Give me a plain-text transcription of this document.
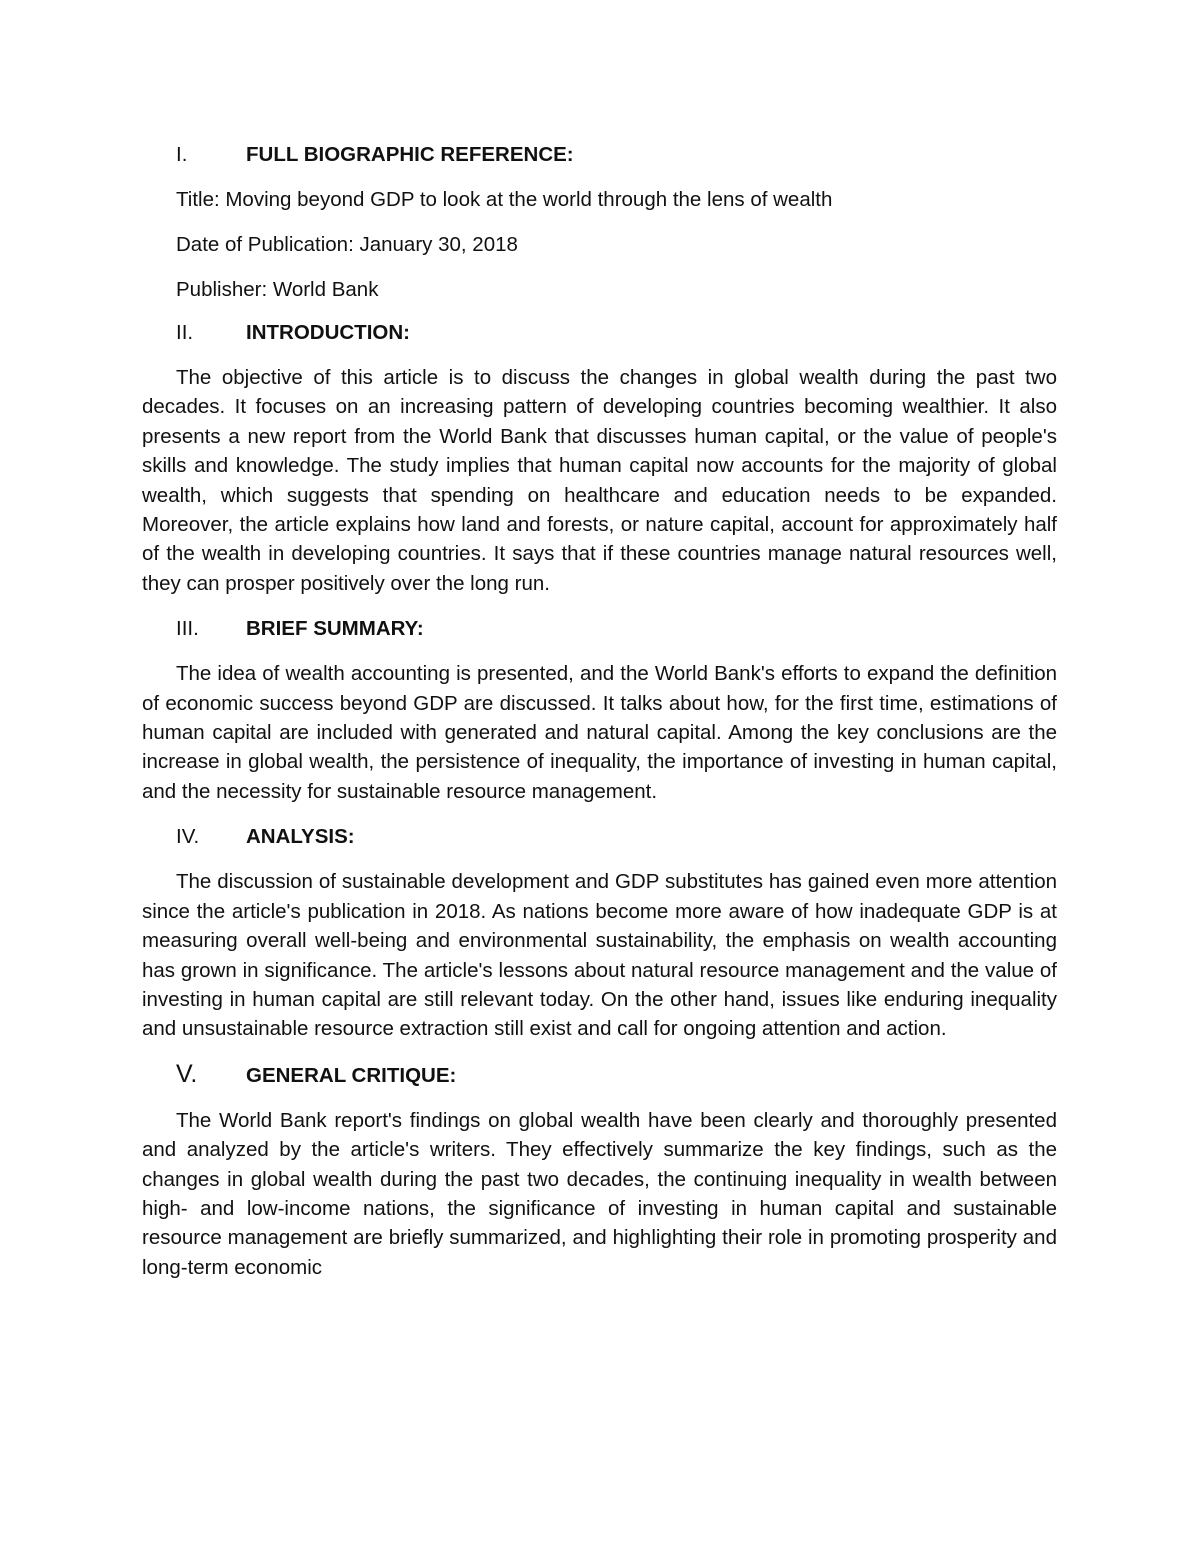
I.	FULL BIOGRAPHIC REFERENCE:
Title: Moving beyond GDP to look at the world through the lens of wealth
Date of Publication: January 30, 2018
Publisher: World Bank
II.	INTRODUCTION:

The objective of this article is to discuss the changes in global wealth during the past two decades. It focuses on an increasing pattern of developing countries becoming wealthier. It also presents a new report from the World Bank that discusses human capital, or the value of people's skills and knowledge. The study implies that human capital now accounts for the majority of global wealth, which suggests that spending on healthcare and education needs to be expanded. Moreover, the article explains how land and forests, or nature capital, account for approximately half of the wealth in developing countries. It says that if these countries manage natural resources well, they can prosper positively over the long run.

III.	BRIEF SUMMARY:

The idea of wealth accounting is presented, and the World Bank's efforts to expand the definition of economic success beyond GDP are discussed. It talks about how, for the first time, estimations of human capital are included with generated and natural capital. Among the key conclusions are the increase in global wealth, the persistence of inequality, the importance of investing in human capital, and the necessity for sustainable resource management.

IV.	ANALYSIS:

The discussion of sustainable development and GDP substitutes has gained even more attention since the article's publication in 2018. As nations become more aware of how inadequate GDP is at measuring overall well-being and environmental sustainability, the emphasis on wealth accounting has grown in significance. The article's lessons about natural resource management and the value of investing in human capital are still relevant today. On the other hand, issues like enduring inequality and unsustainable resource extraction still exist and call for ongoing attention and action.

V.	GENERAL CRITIQUE:

The World Bank report's findings on global wealth have been clearly and thoroughly presented and analyzed by the article's writers. They effectively summarize the key findings, such as the changes in global wealth during the past two decades, the continuing inequality in wealth between high- and low-income nations, the significance of investing in human capital and sustainable resource management are briefly summarized, and highlighting their role in promoting prosperity and long-term economic
